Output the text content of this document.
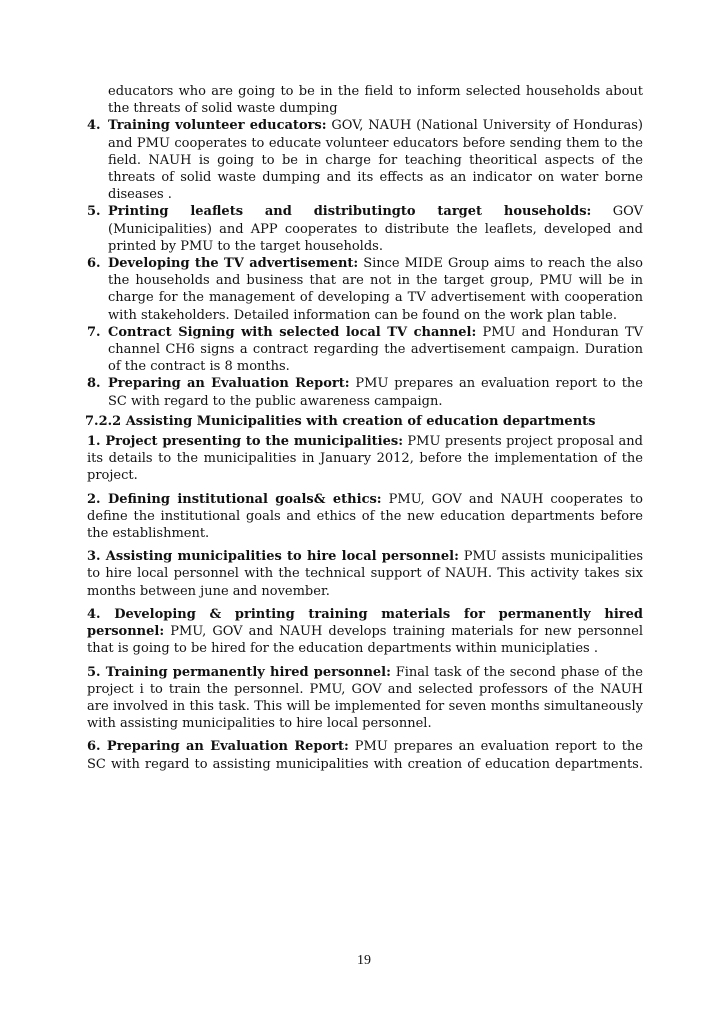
educators who are going to be in the field to inform selected households about the threats of solid waste dumping

4. Training volunteer educators: GOV, NAUH (National University of Honduras) and PMU cooperates to educate volunteer educators before sending them to the field. NAUH is going to be in charge for teaching theoritical aspects of the threats of solid waste dumping and its effects as an indicator on water borne diseases .
5. Printing leaflets and distributingto target households: GOV (Municipalities) and APP cooperates to distribute the leaflets, developed and printed by PMU to the target households.
6. Developing the TV advertisement: Since MIDE Group aims to reach the also the households and business that are not in the target group, PMU will be in charge for the management of developing a TV advertisement with cooperation with stakeholders. Detailed information can be found on the work plan table.
7. Contract Signing with selected local TV channel: PMU and Honduran TV channel CH6 signs a contract regarding the advertisement campaign. Duration of the contract is 8 months.
8. Preparing an Evaluation Report: PMU prepares an evaluation report to the SC with regard to the public awareness campaign.
7.2.2 Assisting Municipalities with creation of education departments

1. Project presenting to the municipalities: PMU presents project proposal and its details to the municipalities in January 2012, before the implementation of the project.

2. Defining institutional goals& ethics: PMU, GOV and NAUH cooperates to define the institutional goals and ethics of the new education departments before the establishment.

3. Assisting municipalities to hire local personnel: PMU assists municipalities to hire local personnel with the technical support of NAUH. This activity takes six months between june and november.

4. Developing & printing training materials for permanently hired personnel: PMU, GOV and NAUH develops training materials for new personnel that is going to be hired for the education departments within municiplaties .

5. Training permanently hired personnel: Final task of the second phase of the project i to train the personnel. PMU, GOV and selected professors of the NAUH are involved in this task. This will be implemented for seven months simultaneously with assisting municipalities to hire local personnel.

6. Preparing an Evaluation Report: PMU prepares an evaluation report to the SC with regard to assisting municipalities with creation of education departments.

19
